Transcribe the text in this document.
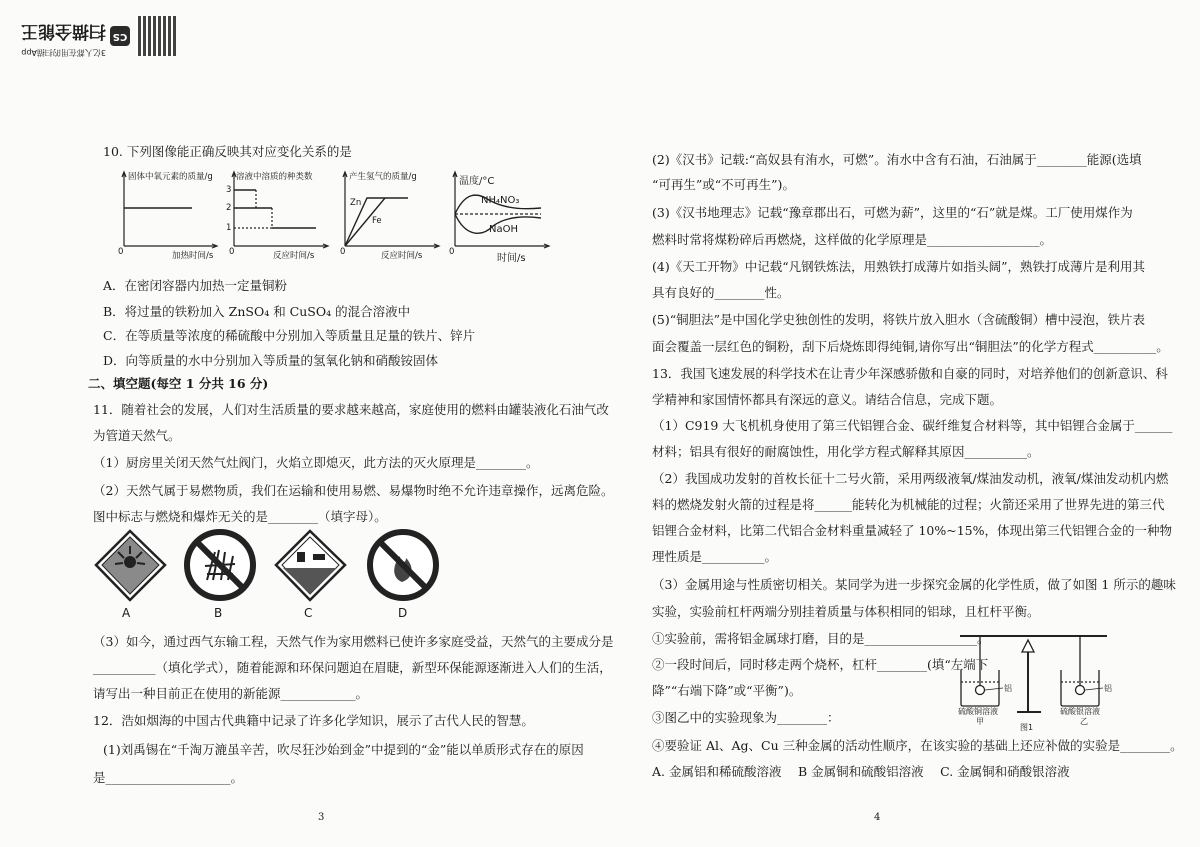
CS
扫描全能王
3亿人都在用的扫描App
10. 下列图像能正确反映其对应变化关系的是
固体中氧元素的质量/g
加热时间/s
0
溶液中溶质的种类数
3
2
1
反应时间/s
0
产生氢气的质量/g
Zn
Fe
反应时间/s
0
温度/°C
NH₄NO₃
NaOH
时间/s
0
A．在密闭容器内加热一定量铜粉
B．将过量的铁粉加入 ZnSO₄ 和 CuSO₄ 的混合溶液中
C．在等质量等浓度的稀硫酸中分别加入等质量且足量的铁片、锌片
D．向等质量的水中分别加入等质量的氢氧化钠和硝酸铵固体
二、填空题(每空 1 分共 16 分)
11．随着社会的发展，人们对生活质量的要求越来越高，家庭使用的燃料由罐装液化石油气改
为管道天然气。
（1）厨房里关闭天然气灶阀门，火焰立即熄灭，此方法的灭火原理是________。
（2）天然气属于易燃物质，我们在运输和使用易燃、易爆物时绝不允许违章操作，远离危险。
图中标志与燃烧和爆炸无关的是________（填字母）。
A	B	C	D
（3）如今，通过西气东输工程，天然气作为家用燃料已使许多家庭受益，天然气的主要成分是
__________（填化学式），随着能源和环保问题迫在眉睫，新型环保能源逐渐进入人们的生活，
请写出一种目前正在使用的新能源____________。
12．浩如烟海的中国古代典籍中记录了许多化学知识，展示了古代人民的智慧。
(1)刘禹锡在“千淘万漉虽辛苦，吹尽狂沙始到金”中提到的“金”能以单质形式存在的原因
是____________________。
3
(2)《汉书》记载:“高奴县有洧水，可燃”。洧水中含有石油，石油属于________能源(选填
“可再生”或“不可再生”)。
(3)《汉书地理志》记载“豫章郡出石，可燃为薪”，这里的“石”就是煤。工厂使用煤作为
燃料时常将煤粉碎后再燃烧，这样做的化学原理是__________________。
(4)《天工开物》中记载“凡钢铁炼法，用熟铁打成薄片如指头阔”，熟铁打成薄片是利用其
具有良好的________性。
(5)“铜胆法”是中国化学史独创性的发明，将铁片放入胆水（含硫酸铜）槽中浸泡，铁片表
面会覆盖一层红色的铜粉，刮下后烧炼即得纯铜,请你写出“铜胆法”的化学方程式__________。
13．我国飞速发展的科学技术在让青少年深感骄傲和自豪的同时，对培养他们的创新意识、科
学精神和家国情怀都具有深远的意义。请结合信息，完成下题。
（1）C919 大飞机机身使用了第三代铝锂合金、碳纤维复合材料等，其中铝锂合金属于______
材料；铝具有很好的耐腐蚀性，用化学方程式解释其原因__________。
（2）我国成功发射的首枚长征十二号火箭，采用两级液氧/煤油发动机，液氧/煤油发动机内燃
料的燃烧发射火箭的过程是将______能转化为机械能的过程；火箭还采用了世界先进的第三代
铝锂合金材料，比第二代铝合金材料重量减轻了 10%~15%，体现出第三代铝锂合金的一种物
理性质是__________。
（3）金属用途与性质密切相关。某同学为进一步探究金属的化学性质，做了如图 1 所示的趣味
实验，实验前杠杆两端分别挂着质量与体积相同的铝球，且杠杆平衡。
①实验前，需将铝金属球打磨，目的是__________________。
②一段时间后，同时移走两个烧杯，杠杆________(填“左端下
降”“右端下降”或“平衡”)。
③图乙中的实验现象为________：
④要验证 Al、Ag、Cu 三种金属的活动性顺序，在该实验的基础上还应补做的实验是________。
A. 金属铝和稀硫酸溶液　 B 金属铜和硫酸铝溶液　 C. 金属铜和硝酸银溶液
铝	铝
硫酸铜溶液
甲
硫酸银溶液
乙
图1
4
